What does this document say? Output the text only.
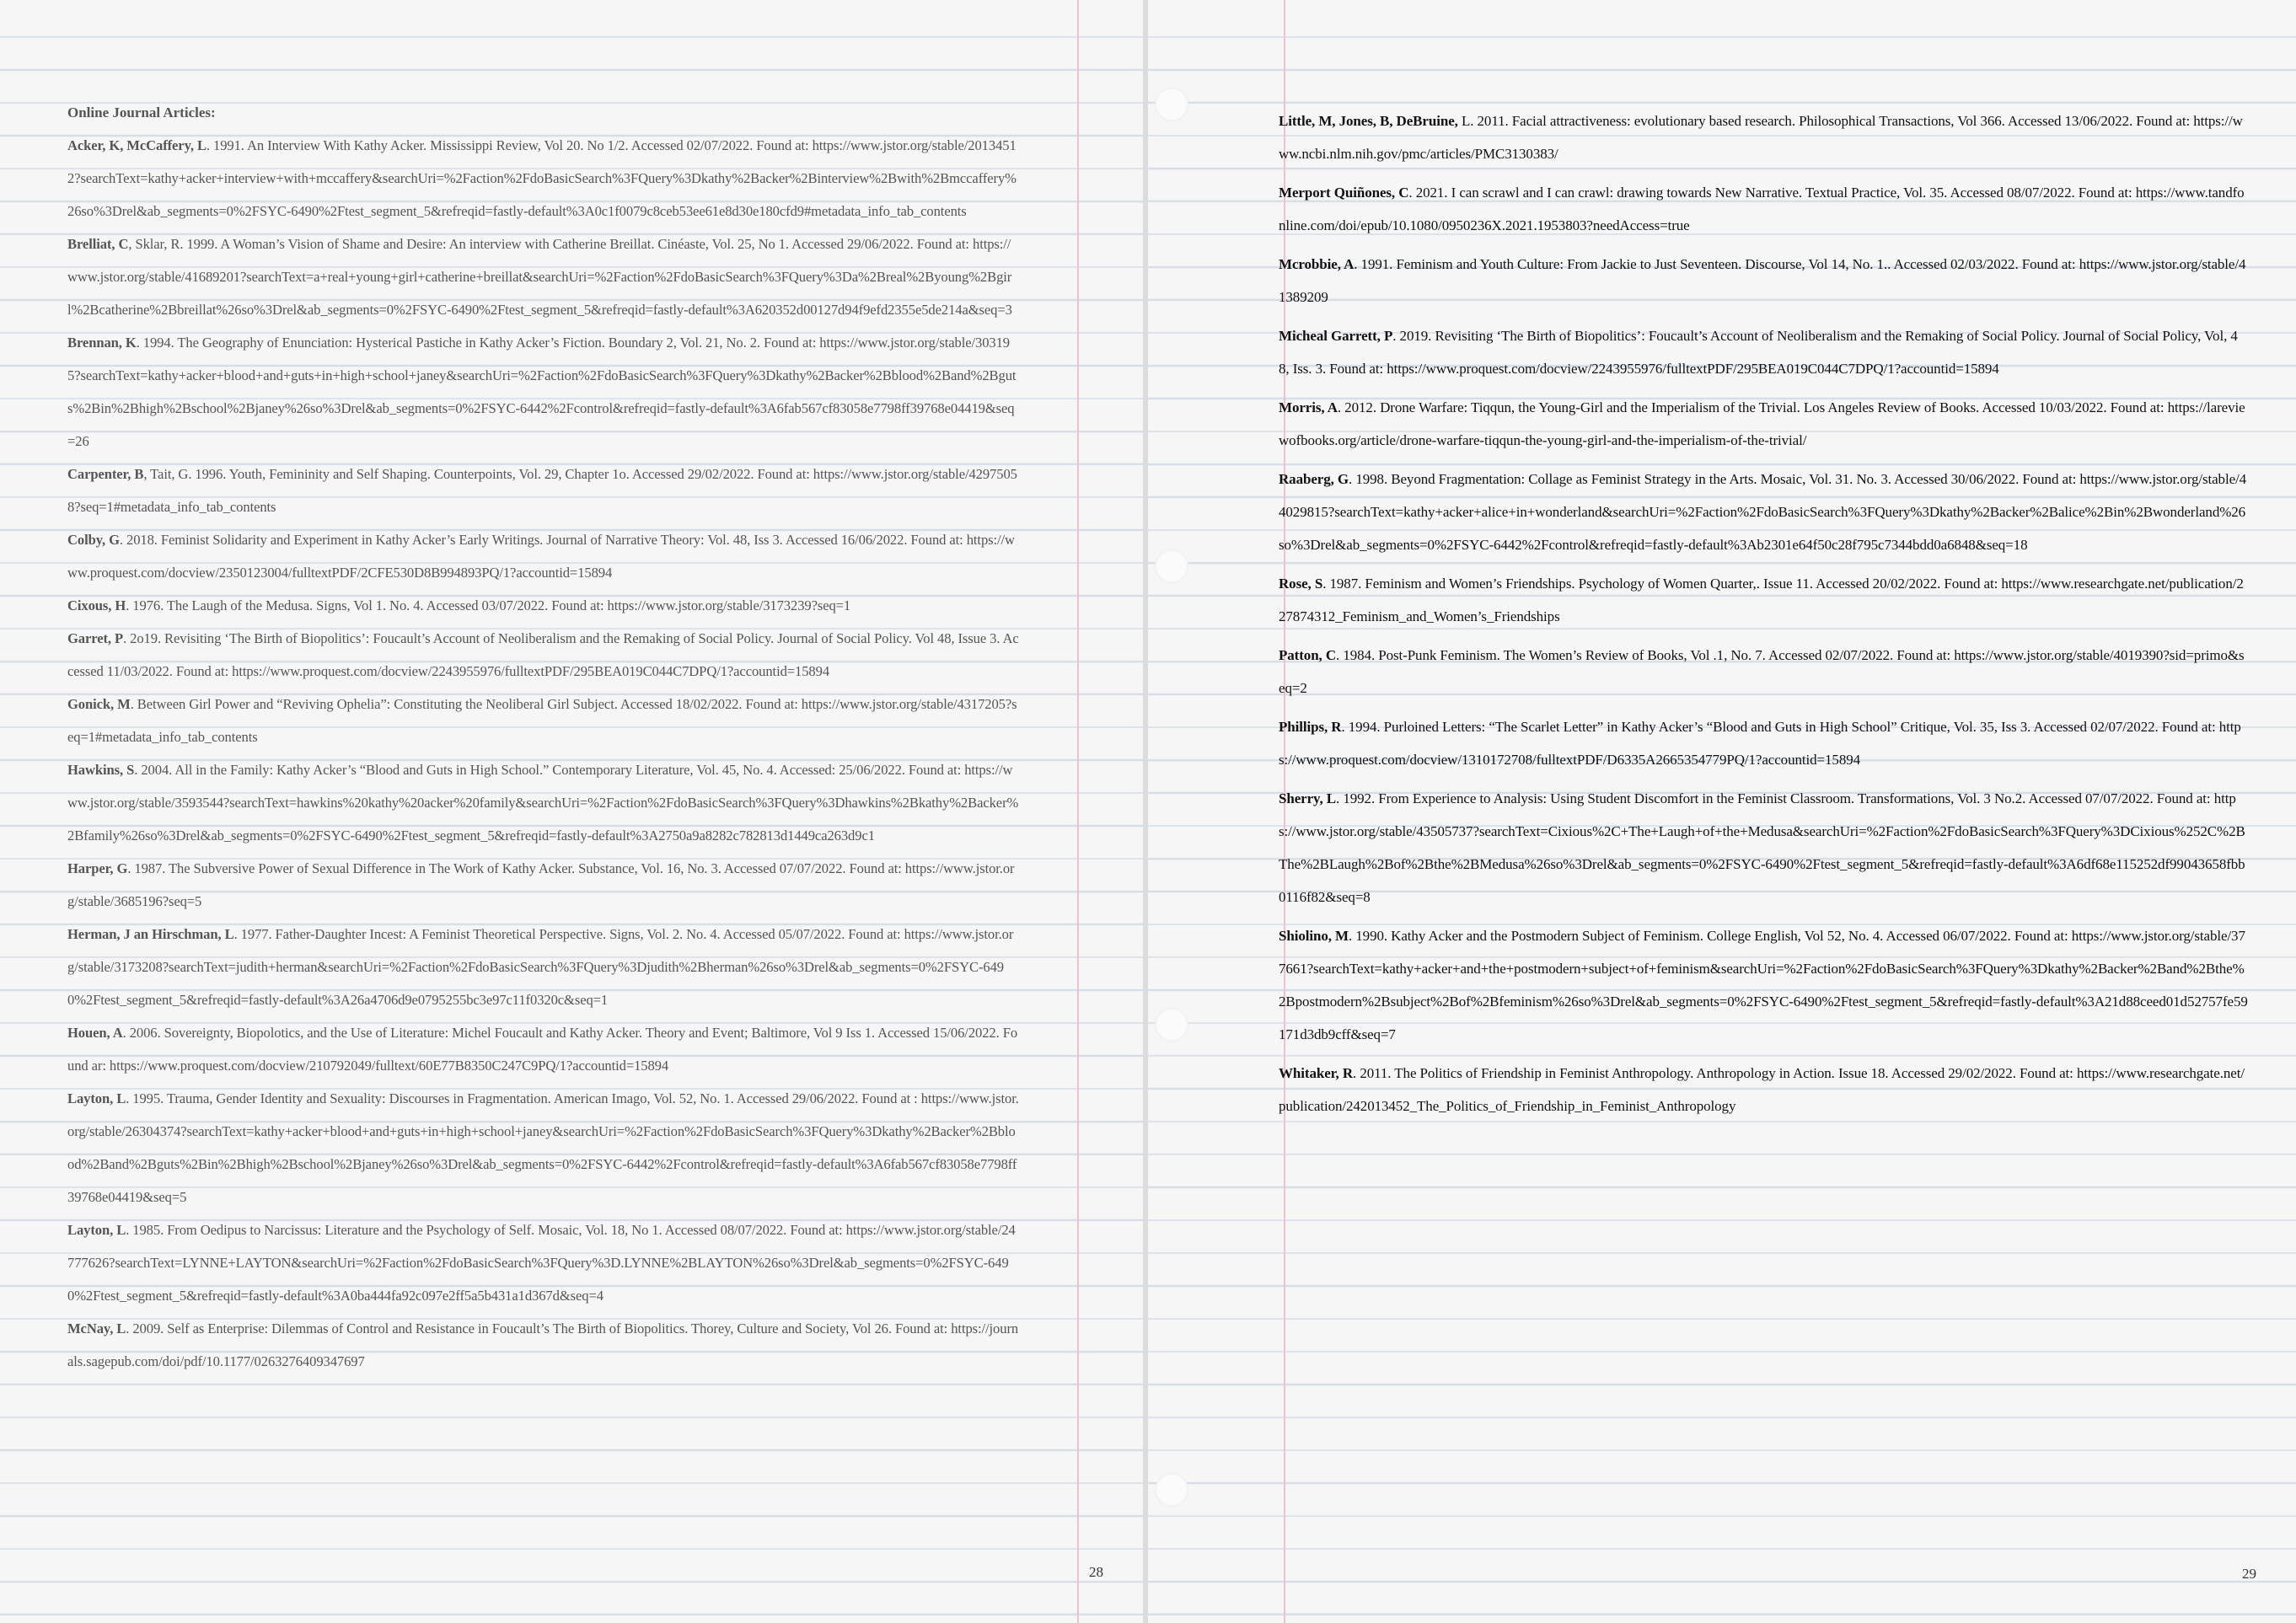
Online Journal Articles:
Acker, K, McCaffery, L. 1991. An Interview With Kathy Acker. Mississippi Review, Vol 20. No 1/2. Accessed 02/07/2022. Found at: https://www.jstor.org/stable/20134512?searchText=kathy+acker+interview+with+mccaffery&searchUri=%2Faction%2FdoBasicSearch%3FQuery%3Dkathy%2Backer%2Binterview%2Bwith%2Bmccaffery%26so%3Drel&ab_segments=0%2FSYC-6490%2Ftest_segment_5&refreqid=fastly-default%3A0c1f0079c8ceb53ee61e8d30e180cfd9#metadata_info_tab_contents
Brelliat, C, Sklar, R. 1999. A Woman’s Vision of Shame and Desire: An interview with Catherine Breillat. Cinéaste, Vol. 25, No 1. Accessed 29/06/2022. Found at: https://www.jstor.org/stable/41689201?searchText=a+real+young+girl+catherine+breillat&searchUri=%2Faction%2FdoBasicSearch%3FQuery%3Da%2Breal%2Byoung%2Bgirl%2Bcatherine%2Bbreillat%26so%3Drel&ab_segments=0%2FSYC-6490%2Ftest_segment_5&refreqid=fastly-default%3A620352d00127d94f9efd2355e5de214a&seq=3
Brennan, K. 1994. The Geography of Enunciation: Hysterical Pastiche in Kathy Acker’s Fiction. Boundary 2, Vol. 21, No. 2. Found at: https://www.jstor.org/stable/303195?searchText=kathy+acker+blood+and+guts+in+high+school+janey&searchUri=%2Faction%2FdoBasicSearch%3FQuery%3Dkathy%2Backer%2Bblood%2Band%2Bguts%2Bin%2Bhigh%2Bschool%2Bjaney%26so%3Drel&ab_segments=0%2FSYC-6442%2Fcontrol&refreqid=fastly-default%3A6fab567cf83058e7798ff39768e04419&seq=26
Carpenter, B, Tait, G. 1996. Youth, Femininity and Self Shaping. Counterpoints, Vol. 29, Chapter 1o. Accessed 29/02/2022. Found at: https://www.jstor.org/stable/42975058?seq=1#metadata_info_tab_contents
Colby, G. 2018. Feminist Solidarity and Experiment in Kathy Acker’s Early Writings. Journal of Narrative Theory: Vol. 48, Iss 3. Accessed 16/06/2022. Found at: https://www.proquest.com/docview/2350123004/fulltextPDF/2CFE530D8B994893PQ/1?accountid=15894
Cixous, H. 1976. The Laugh of the Medusa. Signs, Vol 1. No. 4. Accessed 03/07/2022. Found at: https://www.jstor.org/stable/3173239?seq=1
Garret, P. 2o19. Revisiting ‘The Birth of Biopolitics’: Foucault’s Account of Neoliberalism and the Remaking of Social Policy. Journal of Social Policy. Vol 48, Issue 3. Accessed 11/03/2022. Found at: https://www.proquest.com/docview/2243955976/fulltextPDF/295BEA019C044C7DPQ/1?accountid=15894
Gonick, M. Between Girl Power and “Reviving Ophelia”: Constituting the Neoliberal Girl Subject. Accessed 18/02/2022. Found at: https://www.jstor.org/stable/4317205?seq=1#metadata_info_tab_contents
Hawkins, S. 2004. All in the Family: Kathy Acker’s “Blood and Guts in High School.” Contemporary Literature, Vol. 45, No. 4. Accessed: 25/06/2022. Found at: https://www.jstor.org/stable/3593544?searchText=hawkins%20kathy%20acker%20family&searchUri=%2Faction%2FdoBasicSearch%3FQuery%3Dhawkins%2Bkathy%2Backer%2Bfamily%26so%3Drel&ab_segments=0%2FSYC-6490%2Ftest_segment_5&refreqid=fastly-default%3A2750a9a8282c782813d1449ca263d9c1
Harper, G. 1987. The Subversive Power of Sexual Difference in The Work of Kathy Acker. Substance, Vol. 16, No. 3. Accessed 07/07/2022. Found at: https://www.jstor.org/stable/3685196?seq=5
Herman, J an Hirschman, L. 1977. Father-Daughter Incest: A Feminist Theoretical Perspective. Signs, Vol. 2. No. 4. Accessed 05/07/2022. Found at: https://www.jstor.org/stable/3173208?searchText=judith+herman&searchUri=%2Faction%2FdoBasicSearch%3FQuery%3Djudith%2Bherman%26so%3Drel&ab_segments=0%2FSYC-6490%2Ftest_segment_5&refreqid=fastly-default%3A26a4706d9e0795255bc3e97c11f0320c&seq=1
Houen, A. 2006. Sovereignty, Biopolotics, and the Use of Literature: Michel Foucault and Kathy Acker. Theory and Event; Baltimore, Vol 9 Iss 1. Accessed 15/06/2022. Found ar: https://www.proquest.com/docview/210792049/fulltext/60E77B8350C247C9PQ/1?accountid=15894
Layton, L. 1995. Trauma, Gender Identity and Sexuality: Discourses in Fragmentation. American Imago, Vol. 52, No. 1. Accessed 29/06/2022. Found at : https://www.jstor.org/stable/26304374?searchText=kathy+acker+blood+and+guts+in+high+school+janey&searchUri=%2Faction%2FdoBasicSearch%3FQuery%3Dkathy%2Backer%2Bblood%2Band%2Bguts%2Bin%2Bhigh%2Bschool%2Bjaney%26so%3Drel&ab_segments=0%2FSYC-6442%2Fcontrol&refreqid=fastly-default%3A6fab567cf83058e7798ff39768e04419&seq=5
Layton, L. 1985. From Oedipus to Narcissus: Literature and the Psychology of Self. Mosaic, Vol. 18, No 1. Accessed 08/07/2022. Found at: https://www.jstor.org/stable/24777626?searchText=LYNNE+LAYTON&searchUri=%2Faction%2FdoBasicSearch%3FQuery%3D.LYNNE%2BLAYTON%26so%3Drel&ab_segments=0%2FSYC-6490%2Ftest_segment_5&refreqid=fastly-default%3A0ba444fa92c097e2ff5a5b431a1d367d&seq=4
McNay, L. 2009. Self as Enterprise: Dilemmas of Control and Resistance in Foucault’s The Birth of Biopolitics. Thorey, Culture and Society, Vol 26. Found at: https://journals.sagepub.com/doi/pdf/10.1177/0263276409347697
28
Little, M, Jones, B, DeBruine, L. 2011. Facial attractiveness: evolutionary based research. Philosophical Transactions, Vol 366. Accessed 13/06/2022. Found at: https://www.ncbi.nlm.nih.gov/pmc/articles/PMC3130383/
Merport Quiñones, C. 2021. I can scrawl and I can crawl: drawing towards New Narrative. Textual Practice, Vol. 35. Accessed 08/07/2022. Found at: https://www.tandfonline.com/doi/epub/10.1080/0950236X.2021.1953803?needAccess=true
Mcrobbie, A. 1991. Feminism and Youth Culture: From Jackie to Just Seventeen. Discourse, Vol 14, No. 1.. Accessed 02/03/2022. Found at: https://www.jstor.org/stable/41389209
Micheal Garrett, P. 2019. Revisiting ‘The Birth of Biopolitics’: Foucault’s Account of Neoliberalism and the Remaking of Social Policy. Journal of Social Policy, Vol, 48, Iss. 3. Found at: https://www.proquest.com/docview/2243955976/fulltextPDF/295BEA019C044C7DPQ/1?accountid=15894
Morris, A. 2012. Drone Warfare: Tiqqun, the Young-Girl and the Imperialism of the Trivial. Los Angeles Review of Books. Accessed 10/03/2022. Found at: https://lareviewofbooks.org/article/drone-warfare-tiqqun-the-young-girl-and-the-imperialism-of-the-trivial/
Raaberg, G. 1998. Beyond Fragmentation: Collage as Feminist Strategy in the Arts. Mosaic, Vol. 31. No. 3. Accessed 30/06/2022. Found at: https://www.jstor.org/stable/44029815?searchText=kathy+acker+alice+in+wonderland&searchUri=%2Faction%2FdoBasicSearch%3FQuery%3Dkathy%2Backer%2Balice%2Bin%2Bwonderland%26so%3Drel&ab_segments=0%2FSYC-6442%2Fcontrol&refreqid=fastly-default%3Ab2301e64f50c28f795c7344bdd0a6848&seq=18
Rose, S. 1987. Feminism and Women’s Friendships. Psychology of Women Quarter,. Issue 11. Accessed 20/02/2022. Found at: https://www.researchgate.net/publication/227874312_Feminism_and_Women’s_Friendships
Patton, C. 1984. Post-Punk Feminism. The Women’s Review of Books, Vol .1, No. 7. Accessed 02/07/2022. Found at: https://www.jstor.org/stable/4019390?sid=primo&seq=2
Phillips, R. 1994. Purloined Letters: “The Scarlet Letter” in Kathy Acker’s “Blood and Guts in High School” Critique, Vol. 35, Iss 3. Accessed 02/07/2022. Found at: https://www.proquest.com/docview/1310172708/fulltextPDF/D6335A2665354779PQ/1?accountid=15894
Sherry, L. 1992. From Experience to Analysis: Using Student Discomfort in the Feminist Classroom. Transformations, Vol. 3 No.2. Accessed 07/07/2022. Found at: https://www.jstor.org/stable/43505737?searchText=Cixious%2C+The+Laugh+of+the+Medusa&searchUri=%2Faction%2FdoBasicSearch%3FQuery%3DCixious%252C%2BThe%2BLaugh%2Bof%2Bthe%2BMedusa%26so%3Drel&ab_segments=0%2FSYC-6490%2Ftest_segment_5&refreqid=fastly-default%3A6df68e115252df99043658fbb0116f82&seq=8
Shiolino, M. 1990. Kathy Acker and the Postmodern Subject of Feminism. College English, Vol 52, No. 4. Accessed 06/07/2022. Found at: https://www.jstor.org/stable/377661?searchText=kathy+acker+and+the+postmodern+subject+of+feminism&searchUri=%2Faction%2FdoBasicSearch%3FQuery%3Dkathy%2Backer%2Band%2Bthe%2Bpostmodern%2Bsubject%2Bof%2Bfeminism%26so%3Drel&ab_segments=0%2FSYC-6490%2Ftest_segment_5&refreqid=fastly-default%3A21d88ceed01d52757fe59171d3db9cff&seq=7
Whitaker, R. 2011. The Politics of Friendship in Feminist Anthropology. Anthropology in Action. Issue 18. Accessed 29/02/2022. Found at: https://www.researchgate.net/publication/242013452_The_Politics_of_Friendship_in_Feminist_Anthropology
29
